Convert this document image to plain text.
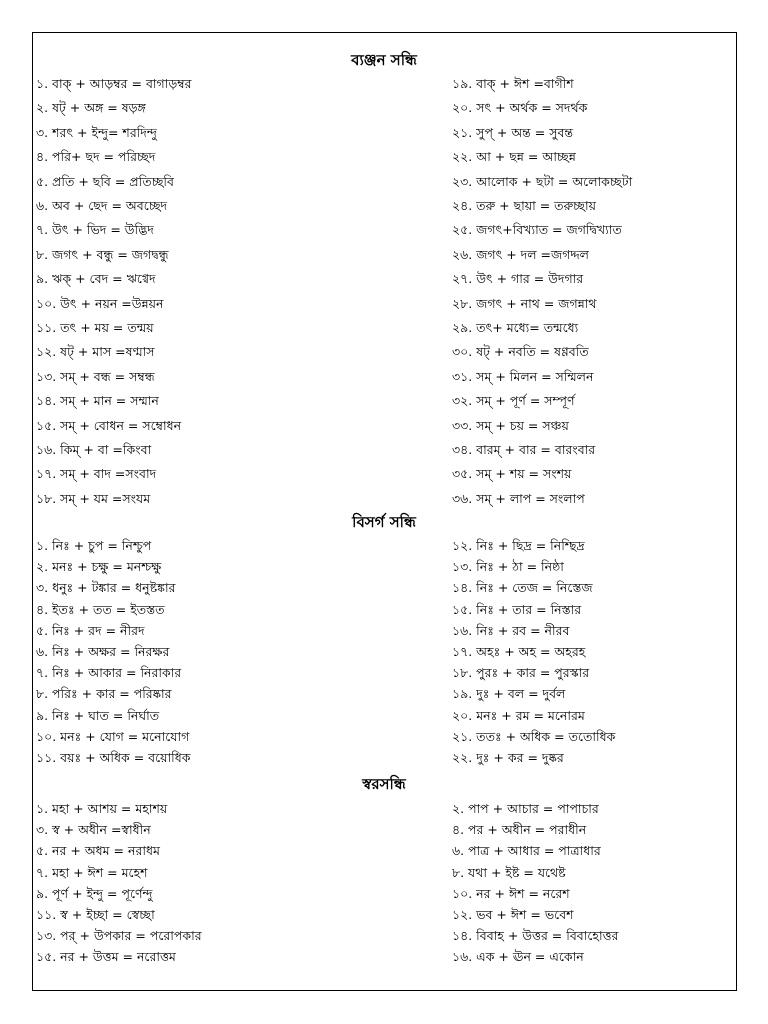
ব্যঞ্জন সন্ধি
১. বাক্ + আড়ম্বর = বাগাড়ম্বর
২. ষট্ + অঙ্গ = ষড়ঙ্গ
৩. শরৎ + ইন্দু= শরদিন্দু
৪. পরি+ ছদ = পরিচ্ছদ
৫. প্রতি + ছবি = প্রতিচ্ছবি
৬. অব + ছেদ = অবচ্ছেদ
৭. উৎ + ভিদ = উদ্ভিদ
৮. জগৎ + বন্ধু = জগদ্বন্ধু
৯. ঋক্ + বেদ = ঋগ্বেদ
১০. উৎ + নয়ন =উন্নয়ন
১১. তৎ + ময় = তন্ময়
১২. ষট্ + মাস =ষণ্মাস
১৩. সম্ + বন্ধ = সম্বন্ধ
১৪. সম্ + মান = সম্মান
১৫. সম্ + বোধন = সম্বোধন
১৬. কিম্ + বা =কিংবা
১৭. সম্ + বাদ =সংবাদ
১৮. সম্ + যম =সংযম
১৯. বাক্ + ঈশ =বাগীশ
২০. সৎ + অর্থক = সদর্থক
২১. সুপ্ + অন্ত = সুবন্ত
২২. আ + ছন্ন = আচ্ছন্ন
২৩. আলোক + ছটা = অলোকচ্ছটা
২৪. তরু + ছায়া = তরুচ্ছায়
২৫. জগৎ+বিখ্যাত = জগদ্বিখ্যাত
২৬. জগৎ + দল =জগদ্দল
২৭. উৎ + গার = উদগার
২৮. জগৎ + নাথ = জগন্নাথ
২৯. তৎ+ মধ্যে= তন্মধ্যে
৩০. ষট্ + নবতি = ষণ্ণবতি
৩১. সম্ + মিলন = সম্মিলন
৩২. সম্ + পূর্ণ = সম্পূর্ণ
৩৩. সম্ + চয় = সঞ্চয়
৩৪. বারম্ + বার = বারংবার
৩৫. সম্ + শয় = সংশয়
৩৬. সম্ + লাপ = সংলাপ
বিসর্গ সন্ধি
১. নিঃ + চুপ = নিশ্চুপ
২. মনঃ + চক্ষু = মনশ্চক্ষু
৩. ধনুঃ + টঙ্কার = ধনুষ্টঙ্কার
৪. ইতঃ + তত = ইতস্তত
৫. নিঃ + রদ = নীরদ
৬. নিঃ + অক্ষর = নিরক্ষর
৭. নিঃ + আকার = নিরাকার
৮. পরিঃ + কার = পরিষ্কার
৯. নিঃ + ঘাত = নির্ঘাত
১০. মনঃ + যোগ = মনোযোগ
১১. বয়ঃ + অধিক = বয়োধিক
১২. নিঃ + ছিদ্র = নিশ্ছিদ্র
১৩. নিঃ + ঠা = নিষ্ঠা
১৪. নিঃ + তেজ = নিস্তেজ
১৫. নিঃ + তার = নিস্তার
১৬. নিঃ + রব = নীরব
১৭. অহঃ + অহ = অহরহ
১৮. পুরঃ + কার = পুরস্কার
১৯. দুঃ + বল = দুর্বল
২০. মনঃ + রম = মনোরম
২১. ততঃ + অধিক = ততোধিক
২২. দুঃ + কর = দুষ্কর
স্বরসন্ধি
১. মহা + আশয় = মহাশয়
৩. স্ব + অধীন =স্বাধীন
৫. নর + অধম = নরাধম
৭. মহা + ঈশ = মহেশ
৯. পূর্ণ + ইন্দু = পূর্ণেন্দু
১১. স্ব + ইচ্ছা = স্বেচ্ছা
১৩. পর্ + উপকার = পরোপকার
১৫. নর + উত্তম = নরোত্তম
২. পাপ + আচার = পাপাচার
৪. পর + অধীন = পরাধীন
৬. পাত্র + আধার = পাত্রাধার
৮. যথা + ইষ্ট = যথেষ্ট
১০. নর + ঈশ = নরেশ
১২. ভব + ঈশ = ভবেশ
১৪. বিবাহ + উত্তর = বিবাহোত্তর
১৬. এক + ঊন = একোন
